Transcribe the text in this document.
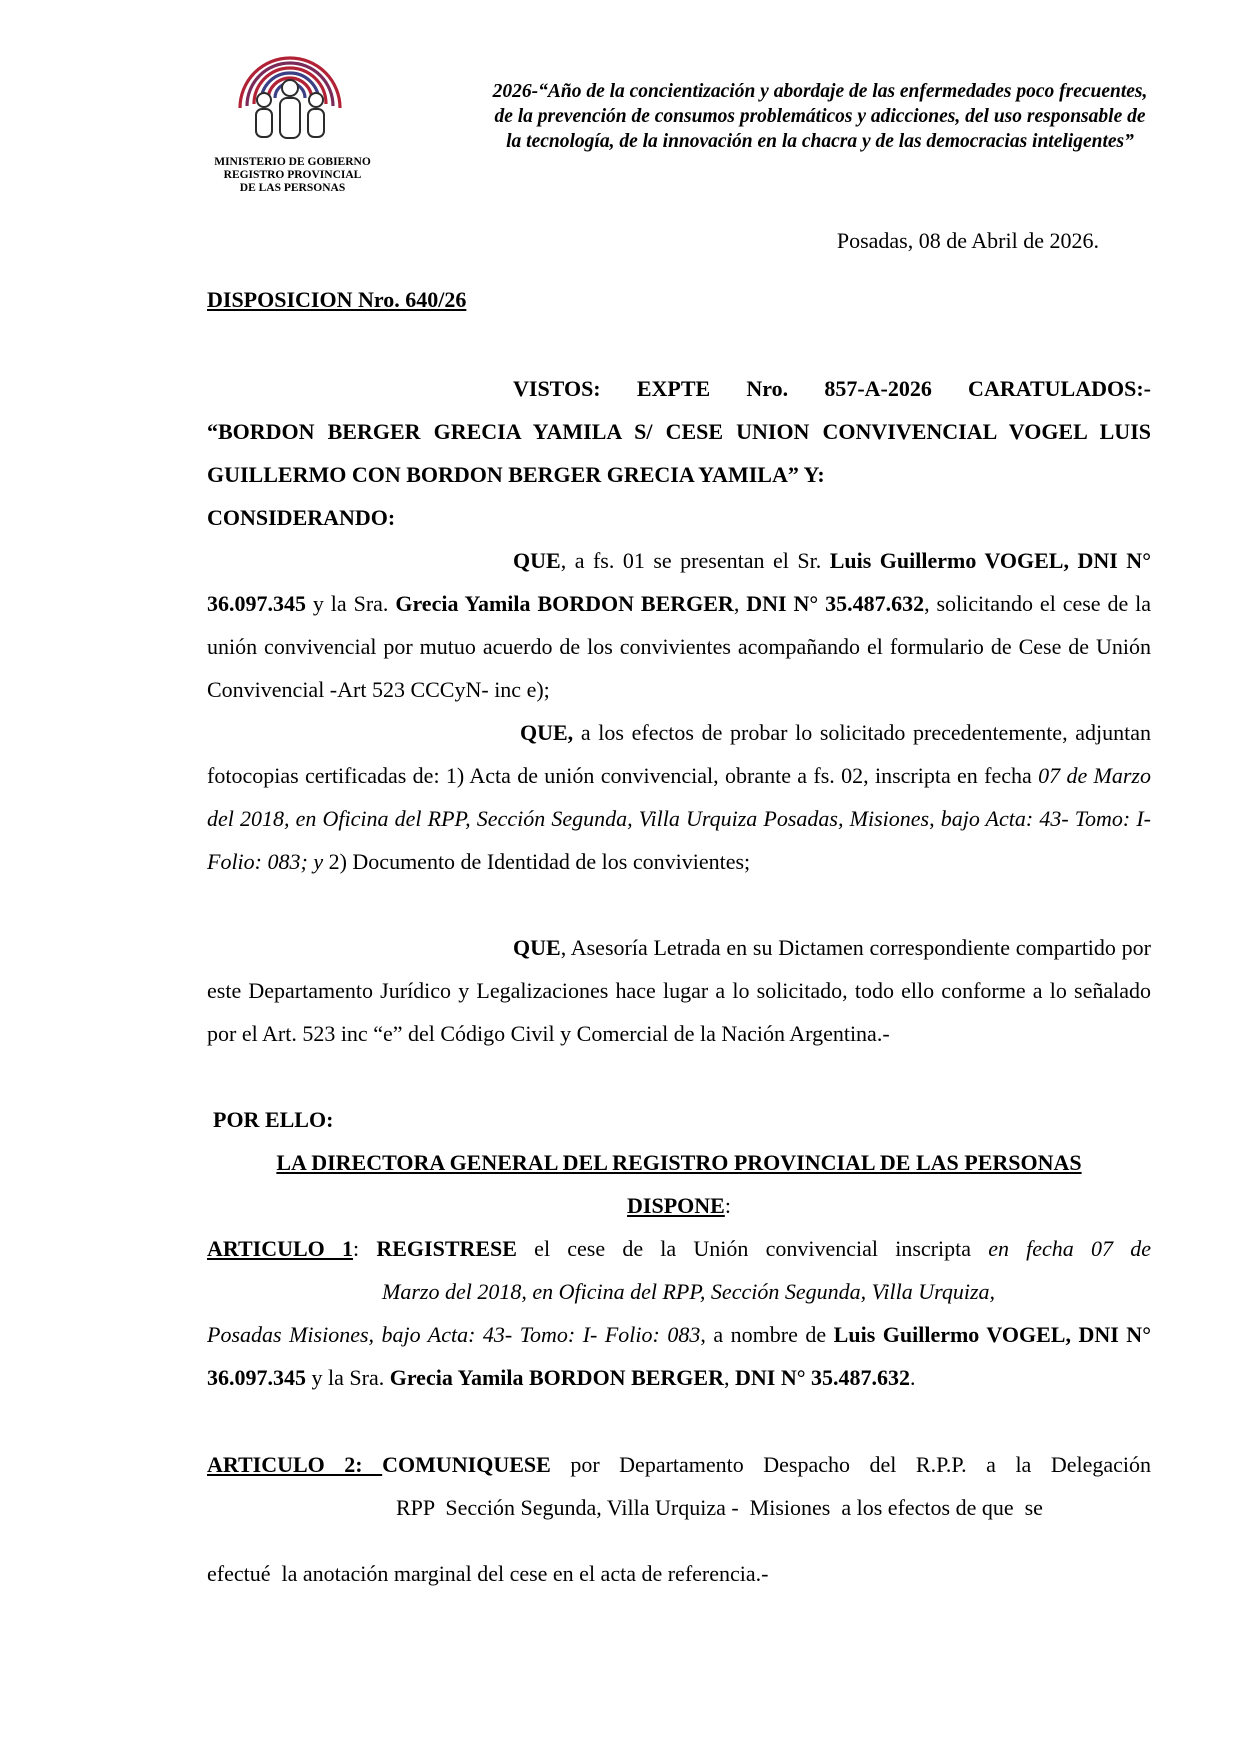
MINISTERIO DE GOBIERNO
REGISTRO PROVINCIAL
DE LAS PERSONAS
2026-“Año de la concientización y abordaje de las enfermedades poco frecuentes, de la prevención de consumos problemáticos y adicciones, del uso responsable de la tecnología, de la innovación en la chacra y de las democracias inteligentes”
Posadas, 08 de Abril de 2026.
DISPOSICION Nro. 640/26
VISTOS: EXPTE Nro. 857-A-2026 CARATULADOS:-
“BORDON BERGER GRECIA YAMILA S/ CESE UNION CONVIVENCIAL VOGEL LUIS GUILLERMO CON BORDON BERGER GRECIA YAMILA” Y:
CONSIDERANDO:
QUE, a fs. 01 se presentan el Sr. Luis Guillermo VOGEL, DNI N° 36.097.345 y la Sra. Grecia Yamila BORDON BERGER, DNI N° 35.487.632, solicitando el cese de la unión convivencial por mutuo acuerdo de los convivientes acompañando el formulario de Cese de Unión Convivencial -Art 523 CCCyN- inc e);
QUE, a los efectos de probar lo solicitado precedentemente, adjuntan fotocopias certificadas de: 1) Acta de unión convivencial, obrante a fs. 02, inscripta en fecha 07 de Marzo del 2018, en Oficina del RPP, Sección Segunda, Villa Urquiza Posadas, Misiones, bajo Acta: 43- Tomo: I- Folio: 083; y 2) Documento de Identidad de los convivientes;
QUE, Asesoría Letrada en su Dictamen correspondiente compartido por este Departamento Jurídico y Legalizaciones hace lugar a lo solicitado, todo ello conforme a lo señalado por el Art. 523 inc “e” del Código Civil y Comercial de la Nación Argentina.-
POR ELLO:
LA DIRECTORA GENERAL DEL REGISTRO PROVINCIAL DE LAS PERSONAS
DISPONE:
ARTICULO 1: REGISTRESE el cese de la Unión convivencial inscripta en fecha 07 de
Marzo del 2018, en Oficina del RPP, Sección Segunda, Villa Urquiza,
Posadas Misiones, bajo Acta: 43- Tomo: I- Folio: 083, a nombre de Luis Guillermo VOGEL, DNI N° 36.097.345 y la Sra. Grecia Yamila BORDON BERGER, DNI N° 35.487.632.
ARTICULO 2: COMUNIQUESE por Departamento Despacho del R.P.P. a la Delegación
RPP  Sección Segunda, Villa Urquiza -  Misiones  a los efectos de que  se
efectué  la anotación marginal del cese en el acta de referencia.-
